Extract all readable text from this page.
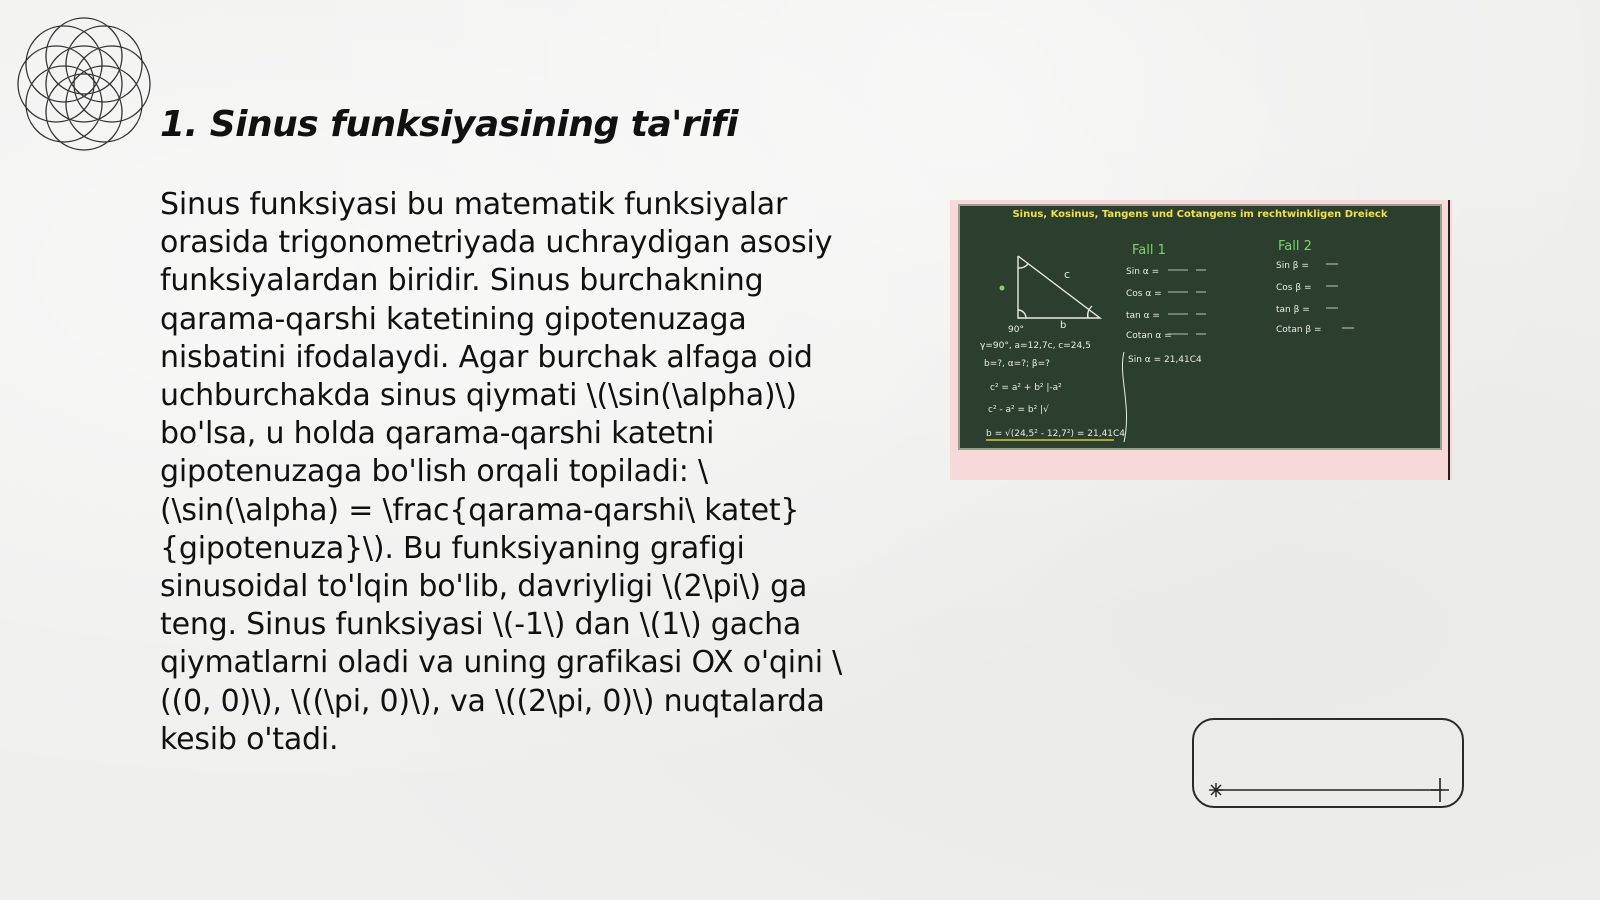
1. Sinus funksiyasining ta'rifi

Sinus funksiyasi bu matematik funksiyalar orasida trigonometriyada uchraydigan asosiy funksiyalardan biridir. Sinus burchakning qarama-qarshi katetining gipotenuzaga nisbatini ifodalaydi. Agar burchak alfaga oid uchburchakda sinus qiymati \(\sin(\alpha)\) bo'lsa, u holda qarama-qarshi katetni gipotenuzaga bo'lish orqali topiladi: \(\sin(\alpha) = \frac{qarama-qarshi\ katet}{gipotenuza}\). Bu funksiyaning grafigi sinusoidal to'lqin bo'lib, davriyligi \(2\pi\) ga teng. Sinus funksiyasi \(-1\) dan \(1\) gacha qiymatlarni oladi va uning grafikasi OX o'qini \((0, 0)\), \((\pi, 0)\), va \((2\pi, 0)\) nuqtalarda kesib o'tadi.

Sinus, Kosinus, Tangens und Cotangens im rechtwinkligen Dreieck
c
b
90°
Fall 1
Sin α =
Cos α =
tan α =
Cotan α =
Fall 2
Sin β =
Cos β =
tan β =
Cotan β =
γ=90°, a=12,7c, c=24,5
b=?, α=?; β=?
c² = a² + b² |-a²
c² - a² = b² |√
b = √(24,5² - 12,7²) = 21,41C4
Sin α = 21,41C4
